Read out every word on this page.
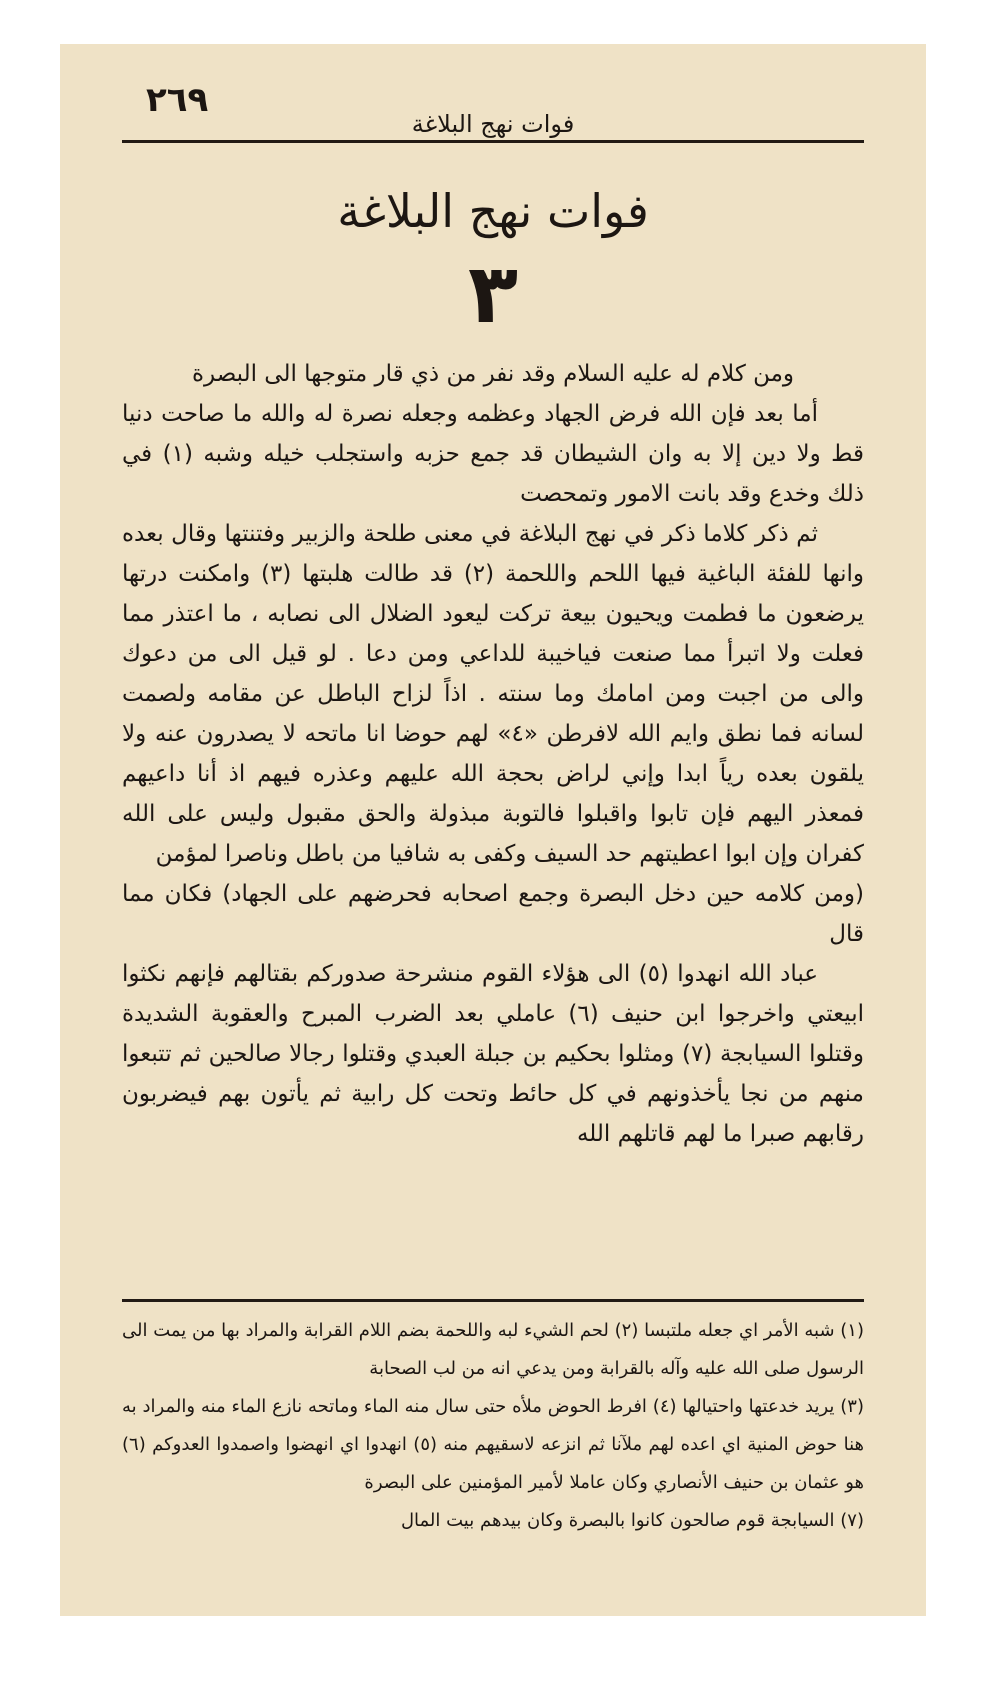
٢٦٩
فوات نهج البلاغة
فوات نهج البلاغة
٣

ومن كلام له عليه السلام وقد نفر من ذي قار متوجها الى البصرة

أما بعد فإن الله فرض الجهاد وعظمه وجعله نصرة له والله ما صاحت دنيا قط ولا دين إلا به وان الشيطان قد جمع حزبه واستجلب خيله وشبه (١) في ذلك وخدع وقد بانت الامور وتمحصت

ثم ذكر كلاما ذكر في نهج البلاغة في معنى طلحة والزبير وفتنتها وقال بعده وانها للفئة الباغية فيها اللحم واللحمة (٢) قد طالت هلبتها (٣) وامكنت درتها يرضعون ما فطمت ويحيون بيعة تركت ليعود الضلال الى نصابه ، ما اعتذر مما فعلت ولا اتبرأ مما صنعت فياخيبة للداعي ومن دعا . لو قيل الى من دعوك والى من اجبت ومن امامك وما سنته . اذاً لزاح الباطل عن مقامه ولصمت لسانه فما نطق وايم الله لافرطن «٤» لهم حوضا انا ماتحه لا يصدرون عنه ولا يلقون بعده رياً ابدا وإني لراض بحجة الله عليهم وعذره فيهم اذ أنا داعيهم فمعذر اليهم فإن تابوا واقبلوا فالتوبة مبذولة والحق مقبول وليس على الله كفران وإن ابوا اعطيتهم حد السيف وكفى به شافيا من باطل وناصرا لمؤمن

(ومن كلامه حين دخل البصرة وجمع اصحابه فحرضهم على الجهاد) فكان مما قال

عباد الله انهدوا (٥) الى هؤلاء القوم منشرحة صدوركم بقتالهم فإنهم نكثوا ابيعتي واخرجوا ابن حنيف (٦) عاملي بعد الضرب المبرح والعقوبة الشديدة وقتلوا السيابجة (٧) ومثلوا بحكيم بن جبلة العبدي وقتلوا رجالا صالحين ثم تتبعوا منهم من نجا يأخذونهم في كل حائط وتحت كل رابية ثم يأتون بهم فيضربون رقابهم صبرا ما لهم قاتلهم الله

(١) شبه الأمر اي جعله ملتبسا (٢) لحم الشيء لبه واللحمة بضم اللام القرابة والمراد بها من يمت الى الرسول صلى الله عليه وآله بالقرابة ومن يدعي انه من لب الصحابة

(٣) يريد خدعتها واحتيالها (٤) افرط الحوض ملأه حتى سال منه الماء وماتحه نازع الماء منه والمراد به هنا حوض المنية اي اعده لهم ملآنا ثم انزعه لاسقيهم منه (٥) انهدوا اي انهضوا واصمدوا العدوكم (٦) هو عثمان بن حنيف الأنصاري وكان عاملا لأمير المؤمنين على البصرة

(٧) السيابجة قوم صالحون كانوا بالبصرة وكان بيدهم بيت المال
